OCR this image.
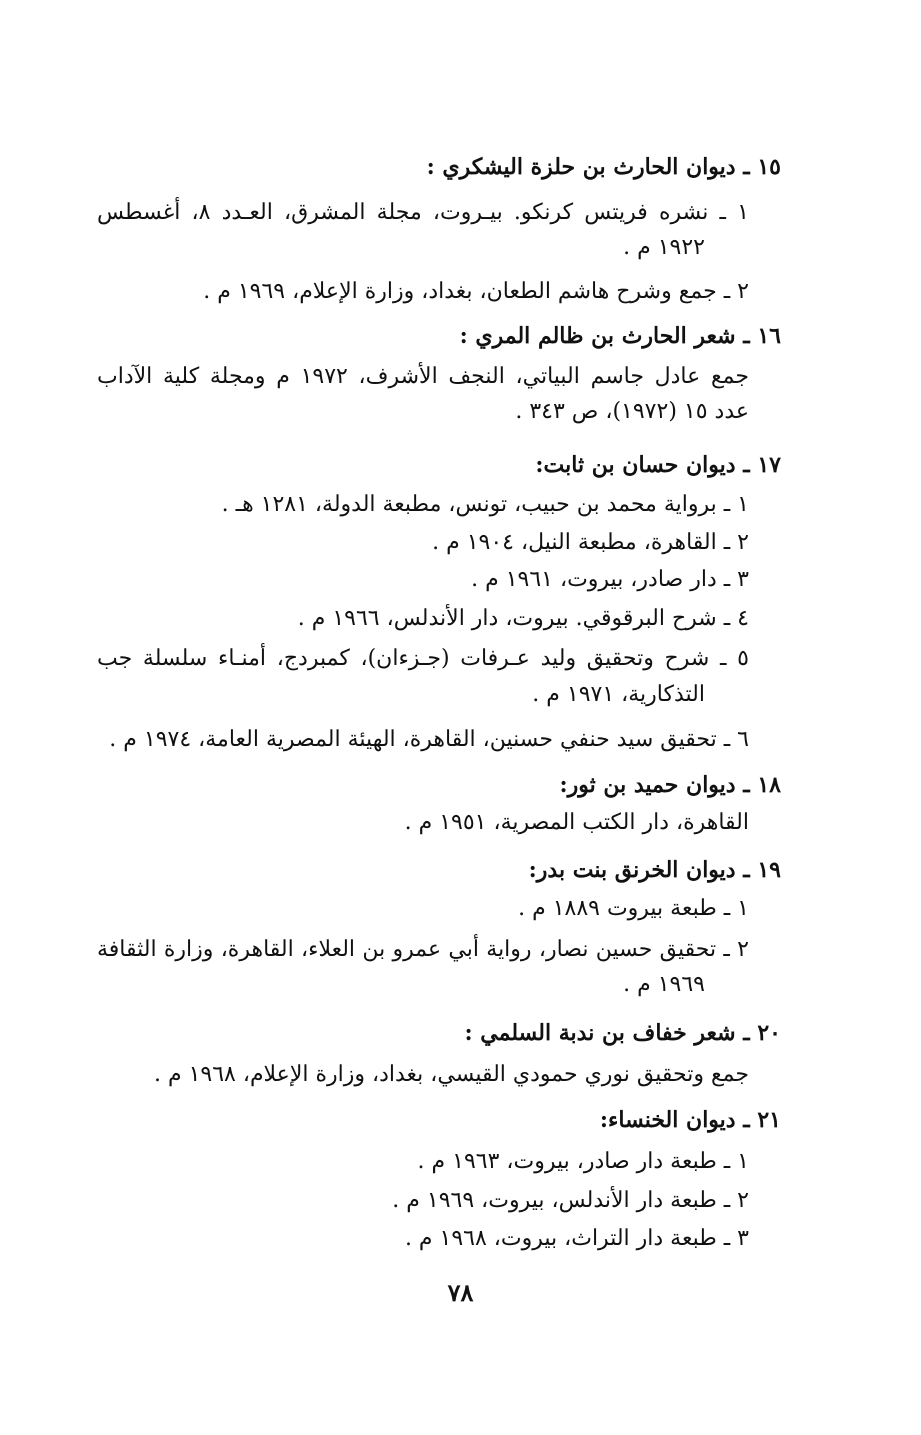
١٥ ـ ديوان الحارث بن حلزة اليشكري :
١ ـ نشره فريتس كرنكو. بيـروت، مجلة المشرق، العـدد ٨، أغسطس
١٩٢٢ م .
٢ ـ جمع وشرح هاشم الطعان، بغداد، وزارة الإعلام، ١٩٦٩ م .
١٦ ـ شعر الحارث بن ظالم المري :
جمع عادل جاسم البياتي، النجف الأشرف، ١٩٧٢ م ومجلة كلية الآداب
عدد ١٥ (١٩٧٢)، ص ٣٤٣ .
١٧ ـ ديوان حسان بن ثابت:
١ ـ برواية محمد بن حبيب، تونس، مطبعة الدولة، ١٢٨١ هـ .
٢ ـ القاهرة، مطبعة النيل، ١٩٠٤ م .
٣ ـ دار صادر، بيروت، ١٩٦١ م .
٤ ـ شرح البرقوقي. بيروت، دار الأندلس، ١٩٦٦ م .
٥ ـ شرح وتحقيق وليد عـرفات (جـزءان)، كمبردج، أمنـاء سلسلة جب
التذكارية، ١٩٧١ م .
٦ ـ تحقيق سيد حنفي حسنين، القاهرة، الهيئة المصرية العامة، ١٩٧٤ م .
١٨ ـ ديوان حميد بن ثور:
القاهرة، دار الكتب المصرية، ١٩٥١ م .
١٩ ـ ديوان الخرنق بنت بدر:
١ ـ طبعة بيروت ١٨٨٩ م .
٢ ـ تحقيق حسين نصار، رواية أبي عمرو بن العلاء، القاهرة، وزارة الثقافة
١٩٦٩ م .
٢٠ ـ شعر خفاف بن ندبة السلمي :
جمع وتحقيق نوري حمودي القيسي، بغداد، وزارة الإعلام، ١٩٦٨ م .
٢١ ـ ديوان الخنساء:
١ ـ طبعة دار صادر، بيروت، ١٩٦٣ م .
٢ ـ طبعة دار الأندلس، بيروت، ١٩٦٩ م .
٣ ـ طبعة دار التراث، بيروت، ١٩٦٨ م .
٧٨
